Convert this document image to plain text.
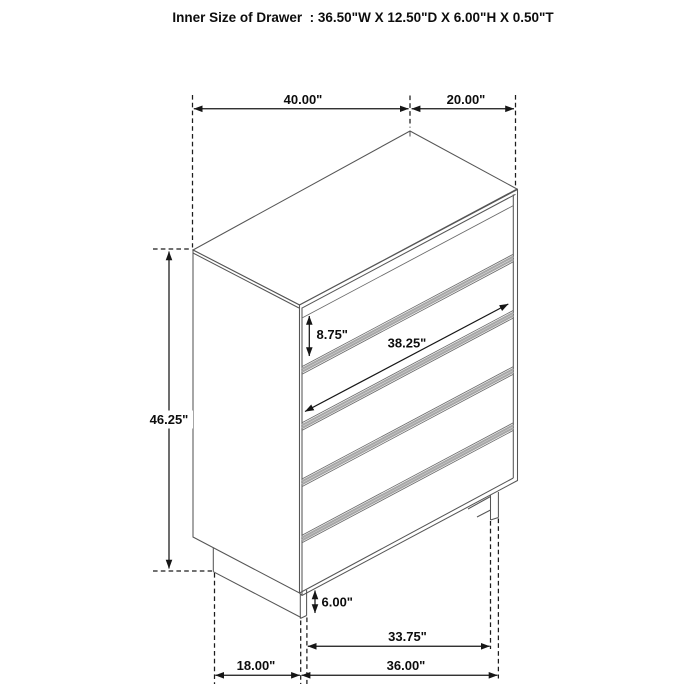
Inner Size of Drawer  : 36.50"W X 12.50"D X 6.00"H X 0.50"T
40.00"	20.00"
46.25"
8.75"
38.25"
6.00"
33.75"
36.00"
18.00"
